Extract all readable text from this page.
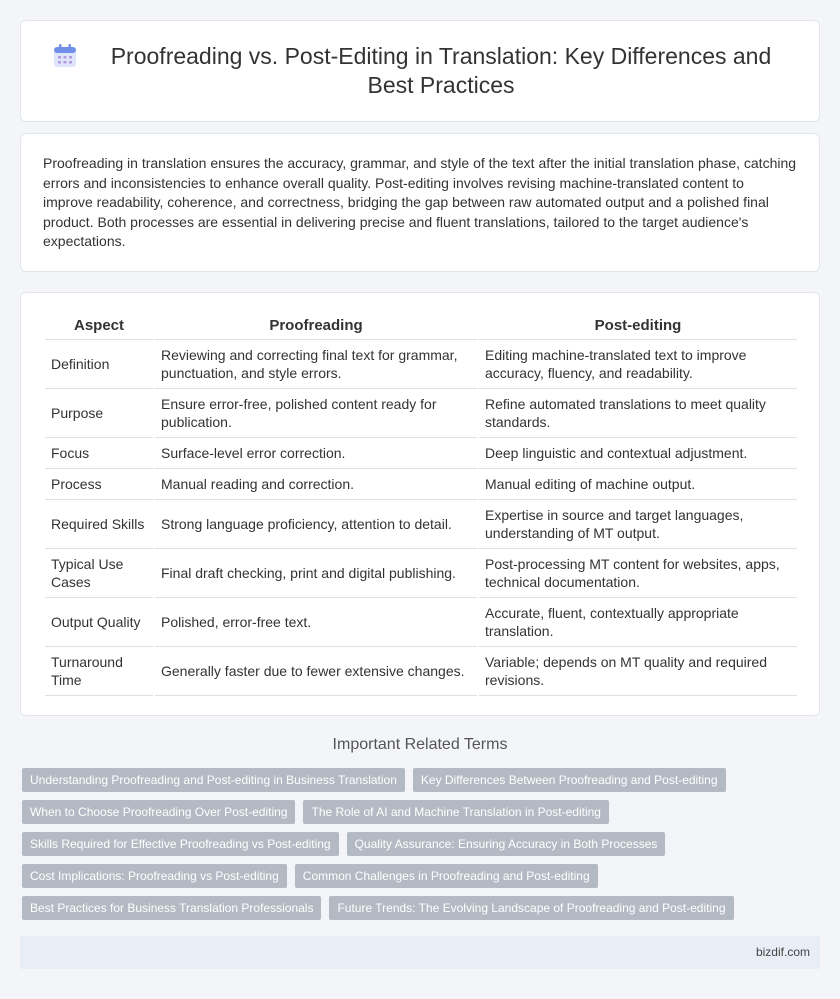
Proofreading vs. Post-Editing in Translation: Key Differences and Best Practices

Proofreading in translation ensures the accuracy, grammar, and style of the text after the initial translation phase, catching errors and inconsistencies to enhance overall quality. Post-editing involves revising machine-translated content to improve readability, coherence, and correctness, bridging the gap between raw automated output and a polished final product. Both processes are essential in delivering precise and fluent translations, tailored to the target audience's expectations.

Aspect	Proofreading	Post-editing
Definition	Reviewing and correcting final text for grammar, punctuation, and style errors.	Editing machine-translated text to improve accuracy, fluency, and readability.
Purpose	Ensure error-free, polished content ready for publication.	Refine automated translations to meet quality standards.
Focus	Surface-level error correction.	Deep linguistic and contextual adjustment.
Process	Manual reading and correction.	Manual editing of machine output.
Required Skills	Strong language proficiency, attention to detail.	Expertise in source and target languages, understanding of MT output.
Typical Use Cases	Final draft checking, print and digital publishing.	Post-processing MT content for websites, apps, technical documentation.
Output Quality	Polished, error-free text.	Accurate, fluent, contextually appropriate translation.
Turnaround Time	Generally faster due to fewer extensive changes.	Variable; depends on MT quality and required revisions.
Important Related Terms
Understanding Proofreading and Post-editing in Business Translation	Key Differences Between Proofreading and Post-editing
When to Choose Proofreading Over Post-editing	The Role of AI and Machine Translation in Post-editing
Skills Required for Effective Proofreading vs Post-editing	Quality Assurance: Ensuring Accuracy in Both Processes
Cost Implications: Proofreading vs Post-editing	Common Challenges in Proofreading and Post-editing
Best Practices for Business Translation Professionals	Future Trends: The Evolving Landscape of Proofreading and Post-editing
bizdif.com
